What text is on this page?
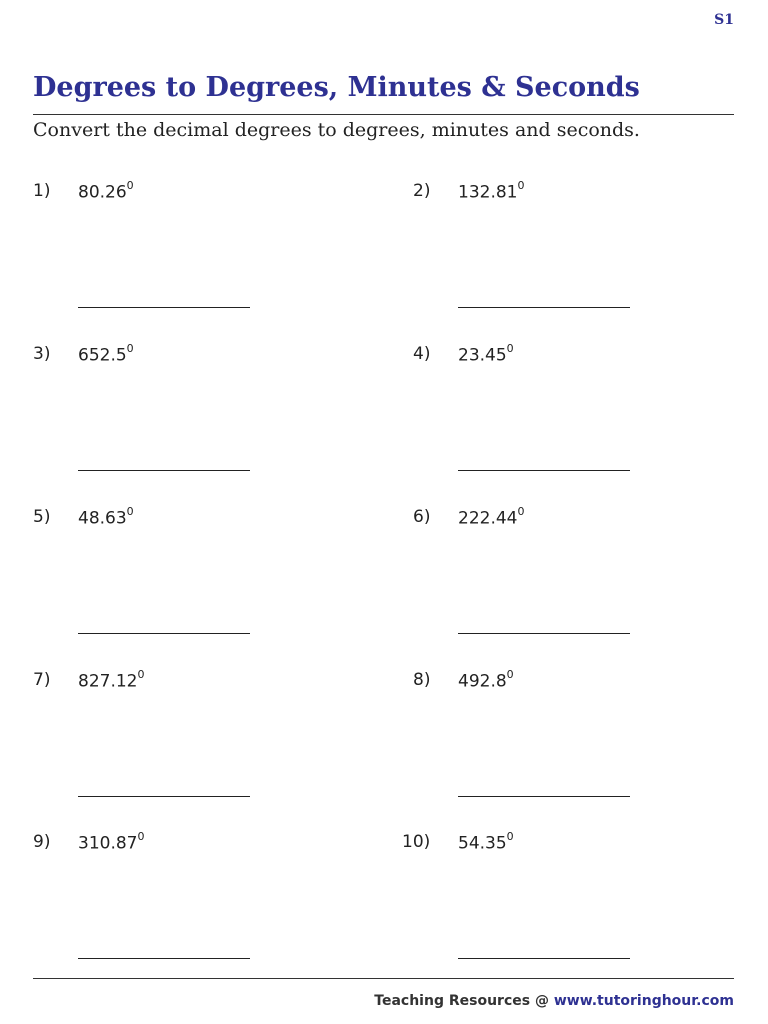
S1
Degrees to Degrees, Minutes & Seconds
Convert the decimal degrees to degrees, minutes and seconds.
1) 80.26$^0$	2) 132.81$^0$
3) 652.5$^0$	4) 23.45$^0$
5) 48.63$^0$	6) 222.44$^0$
7) 827.12$^0$	8) 492.8$^0$
9) 310.87$^0$	10) 54.35$^0$
Teaching Resources @ www.tutoringhour.com
